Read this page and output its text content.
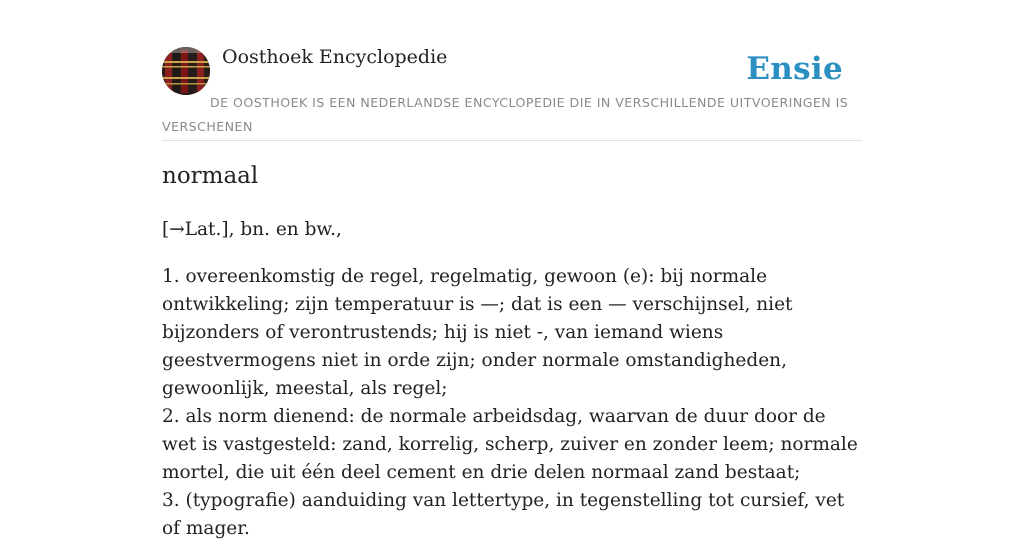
Oosthoek Encyclopedie	Ensie
DE OOSTHOEK IS EEN NEDERLANDSE ENCYCLOPEDIE DIE IN VERSCHILLENDE UITVOERINGEN IS VERSCHENEN
normaal

[→Lat.], bn. en bw.,

1. overeenkomstig de regel, regelmatig, gewoon (e): bij normale ontwikkeling; zijn temperatuur is —; dat is een — verschijnsel, niet bijzonders of verontrustends; hij is niet -, van iemand wiens geestvermogens niet in orde zijn; onder normale omstandigheden, gewoonlijk, meestal, als regel;
2. als norm dienend: de normale arbeidsdag, waarvan de duur door de wet is vastgesteld: zand, korrelig, scherp, zuiver en zonder leem; normale mortel, die uit één deel cement en drie delen normaal zand bestaat;
3. (typografie) aanduiding van lettertype, in tegenstelling tot cursief, vet of mager.
